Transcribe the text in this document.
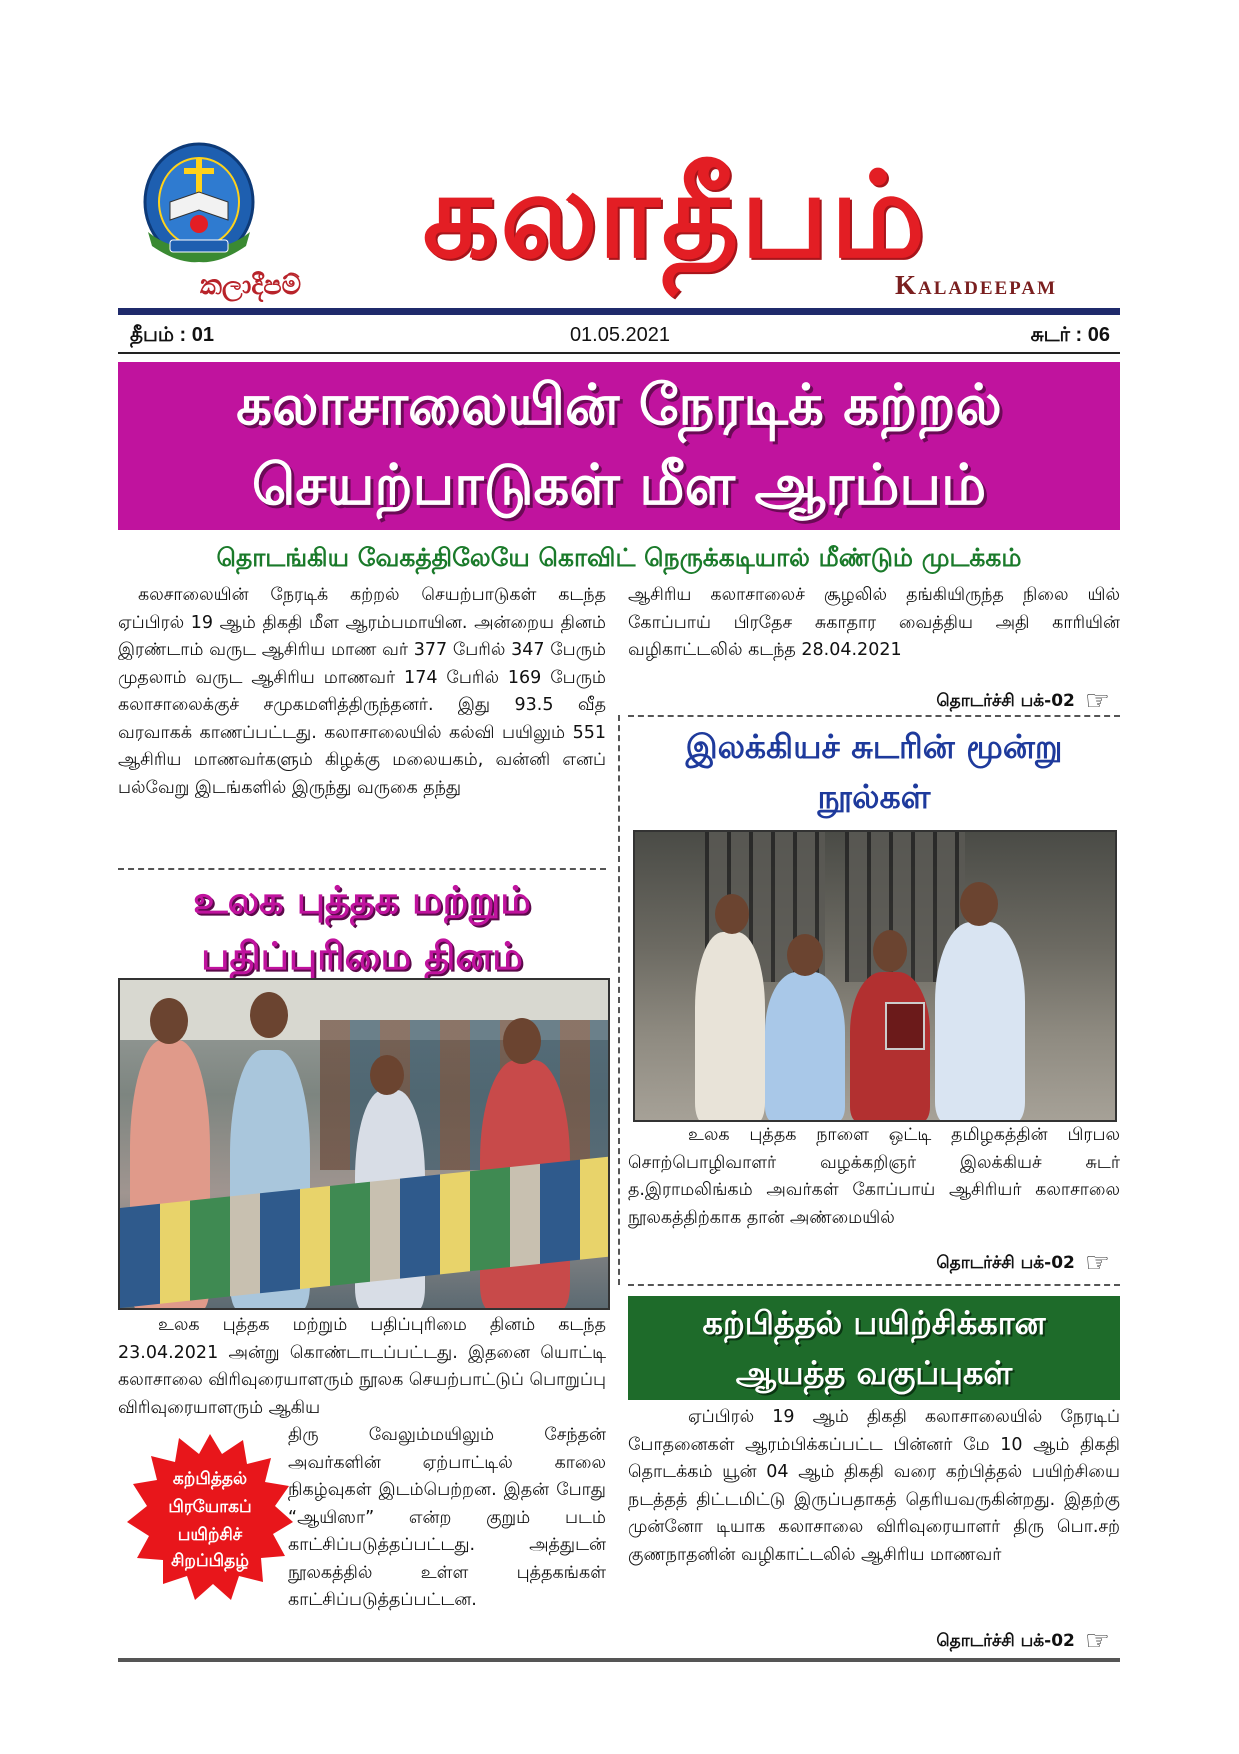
கலாதீபம்
කලාදීපම්	Kaladeepam
தீபம் : 01	01.05.2021	சுடர் : 06
கலாசாலையின் நேரடிக் கற்றல்
செயற்பாடுகள் மீள ஆரம்பம்
தொடங்கிய வேகத்திலேயே கொவிட் நெருக்கடியால் மீண்டும் முடக்கம்
கலசாலையின் நேரடிக் கற்றல் செயற்பாடுகள் கடந்த ஏப்பிரல் 19 ஆம் திகதி மீள ஆரம்பமாயின. அன்றைய தினம் இரண்டாம் வருட ஆசிரிய மாண வர் 377 பேரில் 347 பேரும் முதலாம் வருட ஆசிரிய மாணவர் 174 பேரில் 169 பேரும் கலாசாலைக்குச் சமுகமளித்திருந்தனர். இது 93.5 வீத வரவாகக் காணப்பட்டது. கலாசாலையில் கல்வி பயிலும் 551 ஆசிரிய மாணவர்களும் கிழக்கு மலையகம், வன்னி எனப் பல்வேறு இடங்களில் இருந்து வருகை தந்து
ஆசிரிய கலாசாலைச் சூழலில் தங்கியிருந்த நிலை யில் கோப்பாய் பிரதேச சுகாதார வைத்திய அதி காரியின் வழிகாட்டலில் கடந்த 28.04.2021
தொடர்ச்சி பக்-02 ☞
இலக்கியச் சுடரின் மூன்று நூல்கள்
உலக புத்தக நாளை ஒட்டி தமிழகத்தின் பிரபல சொற்பொழிவாளர் வழக்கறிஞர் இலக்கியச் சுடர் த.இராமலிங்கம் அவர்கள் கோப்பாய் ஆசிரியர் கலாசாலை நூலகத்திற்காக தான் அண்மையில்
தொடர்ச்சி பக்-02 ☞
உலக புத்தக மற்றும்
பதிப்புரிமை தினம்
உலக புத்தக மற்றும் பதிப்புரிமை தினம் கடந்த 23.04.2021 அன்று கொண்டாடப்பட்டது. இதனை யொட்டி கலாசாலை விரிவுரையாளரும் நூலக செயற்பாட்டுப் பொறுப்பு விரிவுரையாளரும் ஆகிய
திரு வேலும்மயிலும் சேந்தன் அவர்களின் ஏற்பாட்டில் காலை நிகழ்வுகள் இடம்பெற்றன. இதன் போது “ஆயிஸா” என்ற குறும் படம் காட்சிப்படுத்தப்பட்டது. அத்துடன் நூலகத்தில் உள்ள புத்தகங்கள் காட்சிப்படுத்தப்பட்டன.
கற்பித்தல்
பிரயோகப்
பயிற்சிச்
சிறப்பிதழ்
கற்பித்தல் பயிற்சிக்கான
ஆயத்த வகுப்புகள்
ஏப்பிரல் 19 ஆம் திகதி கலாசாலையில் நேரடிப் போதனைகள் ஆரம்பிக்கப்பட்ட பின்னர் மே 10 ஆம் திகதி தொடக்கம் யூன் 04 ஆம் திகதி வரை கற்பித்தல் பயிற்சியை நடத்தத் திட்டமிட்டு இருப்பதாகத் தெரியவருகின்றது. இதற்கு முன்னோ டியாக கலாசாலை விரிவுரையாளர் திரு பொ.சற் குணநாதனின் வழிகாட்டலில் ஆசிரிய மாணவர்
தொடர்ச்சி பக்-02 ☞
